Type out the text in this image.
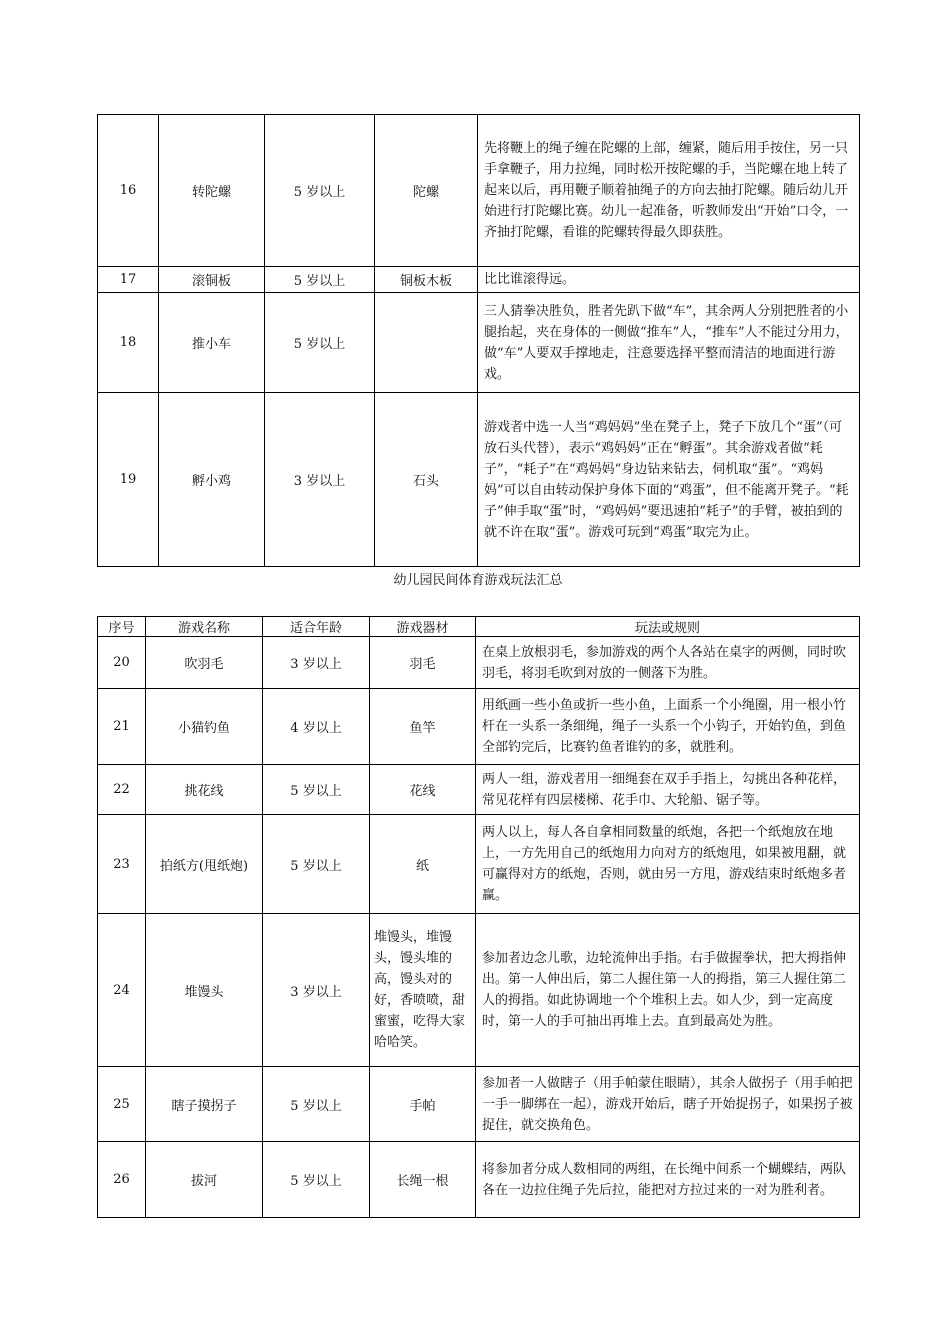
16	转陀螺	5 岁以上	陀螺	先将鞭上的绳子缠在陀螺的上部，缠紧，随后用手按住，另一只手拿鞭子，用力拉绳，同时松开按陀螺的手，当陀螺在地上转了起来以后，再用鞭子顺着抽绳子的方向去抽打陀螺。随后幼儿开始进行打陀螺比赛。幼儿一起准备，听教师发出“开始”口令，一齐抽打陀螺，看谁的陀螺转得最久即获胜。
17	滚铜板	5 岁以上	铜板木板	比比谁滚得远。
18	推小车	5 岁以上		三人猜拳决胜负，胜者先趴下做“车”，其余两人分别把胜者的小腿抬起，夹在身体的一侧做“推车”人，“推车”人不能过分用力，做“车”人要双手撑地走，注意要选择平整而清洁的地面进行游戏。
19	孵小鸡	3 岁以上	石头	游戏者中选一人当“鸡妈妈”坐在凳子上，凳子下放几个“蛋”（可放石头代替），表示“鸡妈妈”正在“孵蛋”。其余游戏者做“耗子”，“耗子”在“鸡妈妈“身边钻来钻去，伺机取“蛋”。“鸡妈妈”可以自由转动保护身体下面的“鸡蛋”，但不能离开凳子。“耗子”伸手取“蛋”时，“鸡妈妈”要迅速拍“耗子”的手臂，被拍到的就不许在取“蛋”。游戏可玩到“鸡蛋”取完为止。
幼儿园民间体育游戏玩法汇总
序号	游戏名称	适合年龄	游戏器材	玩法或规则
20	吹羽毛	3 岁以上	羽毛	在桌上放根羽毛，参加游戏的两个人各站在桌字的两侧，同时吹羽毛，将羽毛吹到对放的一侧落下为胜。
21	小猫钓鱼	4 岁以上	鱼竿	用纸画一些小鱼或折一些小鱼，上面系一个小绳圈，用一根小竹杆在一头系一条细绳，绳子一头系一个小钩子，开始钓鱼，到鱼全部钓完后，比赛钓鱼者谁钓的多，就胜利。
22	挑花线	5 岁以上	花线	两人一组，游戏者用一细绳套在双手手指上，勾挑出各种花样，常见花样有四层楼梯、花手巾、大轮船、锯子等。
23	拍纸方(甩纸炮)	5 岁以上	纸	两人以上，每人各自拿相同数量的纸炮，各把一个纸炮放在地上，一方先用自己的纸炮用力向对方的纸炮甩，如果被甩翻，就可赢得对方的纸炮，否则，就由另一方甩，游戏结束时纸炮多者赢。
24	堆馒头	3 岁以上	堆馒头，堆馒头，馒头堆的高，馒头对的好，香喷喷，甜蜜蜜，吃得大家哈哈笑。	参加者边念儿歌，边轮流伸出手指。右手做握拳状，把大拇指伸出。第一人伸出后，第二人握住第一人的拇指，第三人握住第二人的拇指。如此协调地一个个堆积上去。如人少，到一定高度时，第一人的手可抽出再堆上去。直到最高处为胜。
25	瞎子摸拐子	5 岁以上	手帕	参加者一人做瞎子（用手帕蒙住眼睛），其余人做拐子（用手帕把一手一脚绑在一起），游戏开始后，瞎子开始捉拐子，如果拐子被捉住，就交换角色。
26	拔河	5 岁以上	长绳一根	将参加者分成人数相同的两组，在长绳中间系一个蝴蝶结，两队各在一边拉住绳子先后拉，能把对方拉过来的一对为胜利者。
